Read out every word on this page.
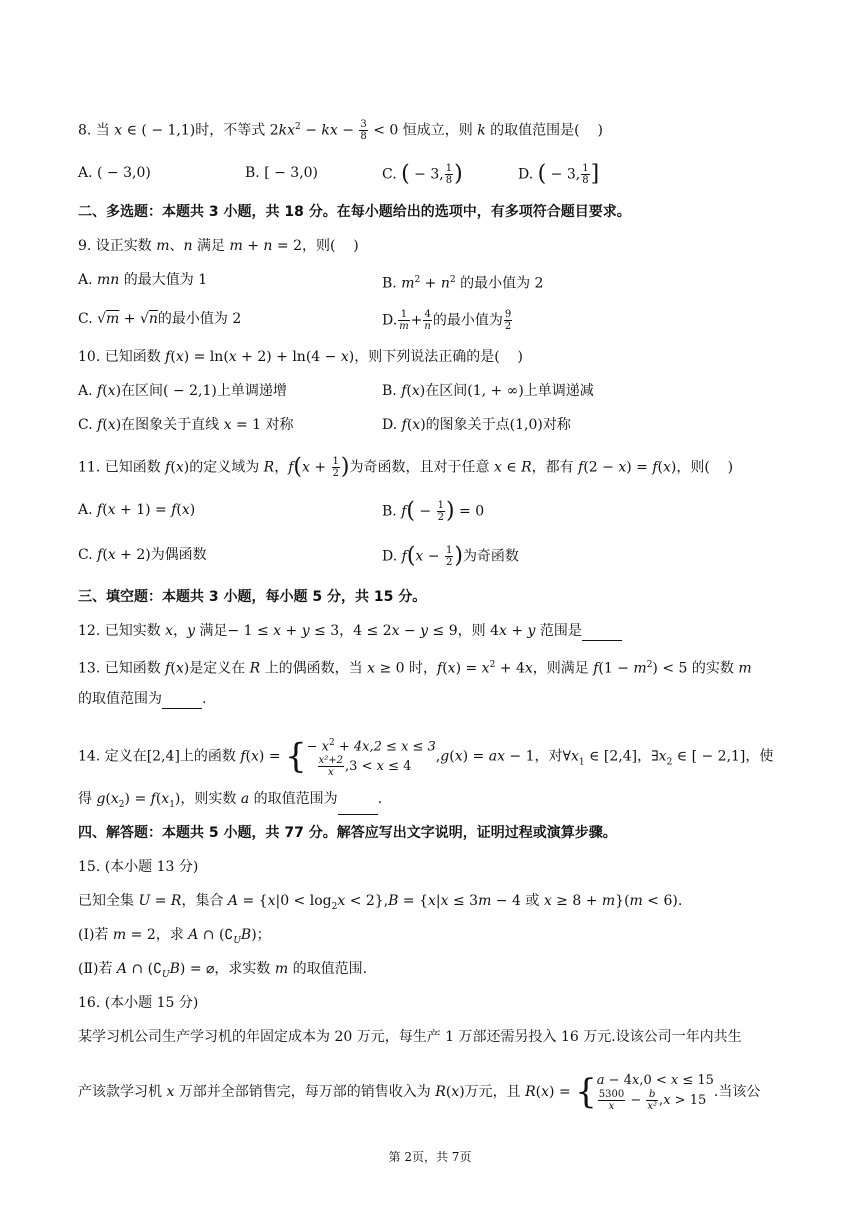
8. 当 x ∈ ( − 1,1)时，不等式 $2kx^2$ − kx − $\frac{3}{8} < 0$ 恒成立，则 k 的取值范围是(    )
A. ( − 3,0)	B. [ − 3,0)	C. ( − 3, $\frac{1}{8}$ )	D. ( − 3, $\frac{1}{8}$ ]
二、多选题：本题共 3 小题，共 18 分。在每小题给出的选项中，有多项符合题目要求。
9. 设正实数 m、n 满足 m + n = 2，则(    )
A. mn 的最大值为 1	B. $m^2 + n^2$ 的最小值为 2
C. √m + √n的最小值为 2	D. $\frac{1}{m} + \frac{4}{n}$ 的最小值为 $\frac{9}{2}$
10. 已知函数 f(x) = ln(x + 2) + ln(4 − x)，则下列说法正确的是(    )
A. f(x)在区间( − 2,1)上单调递增	B. f(x)在区间(1, + ∞)上单调递减
C. f(x)在图象关于直线 x = 1 对称	D. f(x)的图象关于点(1,0)对称
11. 已知函数 f(x)的定义域为 R，$f(x + \frac{1}{2}$ )为奇函数，且对于任意 x ∈ R，都有 f(2 − x) = f(x)，则(    )
A. f(x + 1) = f(x)	B. $f( - \frac{1}{2}$ ) = 0
C. f(x + 2)为偶函数	D. $f(x - \frac{1}{2}$ )为奇函数
三、填空题：本题共 3 小题，每小题 5 分，共 15 分。
12. 已知实数 x，y 满足− 1 ≤ x + y ≤ 3，4 ≤ 2x − y ≤ 9，则 4x + y 范围是
13. 已知函数 f(x)是定义在 R 上的偶函数，当 x ≥ 0 时，$f(x) = x^2 + 4x$，则满足 $f(1 - m^2) < 5$ 的实数 m
的取值范围为	.
14. 定义在[2,4]上的函数 f(x) = { − $x^2 + 4x,2 \le x \le 3$
$\frac{\text{x²+2}}{x} ,3 < x \le 4$
,g(x) = ax − 1，对$\forall x_1$ ∈ [2,4]，$\exists x_2$ ∈ [ − 2,1]，使
得 $g(x_2) = f(x_1)$，则实数 a 的取值范围为	.
四、解答题：本题共 5 小题，共 77 分。解答应写出文字说明，证明过程或演算步骤。
15. (本小题 13 分)
已知全集 U = R，集合 $A = \{x|0 < \log_2x < 2\},B = \{x|x \le 3m - 4$ 或 x ≥ 8 + m}(m < 6).
(Ⅰ)若 m = 2，求 A ∩ $(∁_UB)$；
(Ⅱ)若 A ∩ $(∁_UB)$ = ⌀，求实数 m 的取值范围.
16. (本小题 15 分)
某学习机公司生产学习机的年固定成本为 20 万元，每生产 1 万部还需另投入 16 万元.设该公司一年内共生
产该款学习机 x 万部并全部销售完，每万部的销售收入为 R(x)万元，且 R(x) = { a − 4x,0 < x ≤ 15
$\frac{5300}{x} - \frac{b}{\text{x²}} ,x > 15$
.当该公
第 2页，共 7页
